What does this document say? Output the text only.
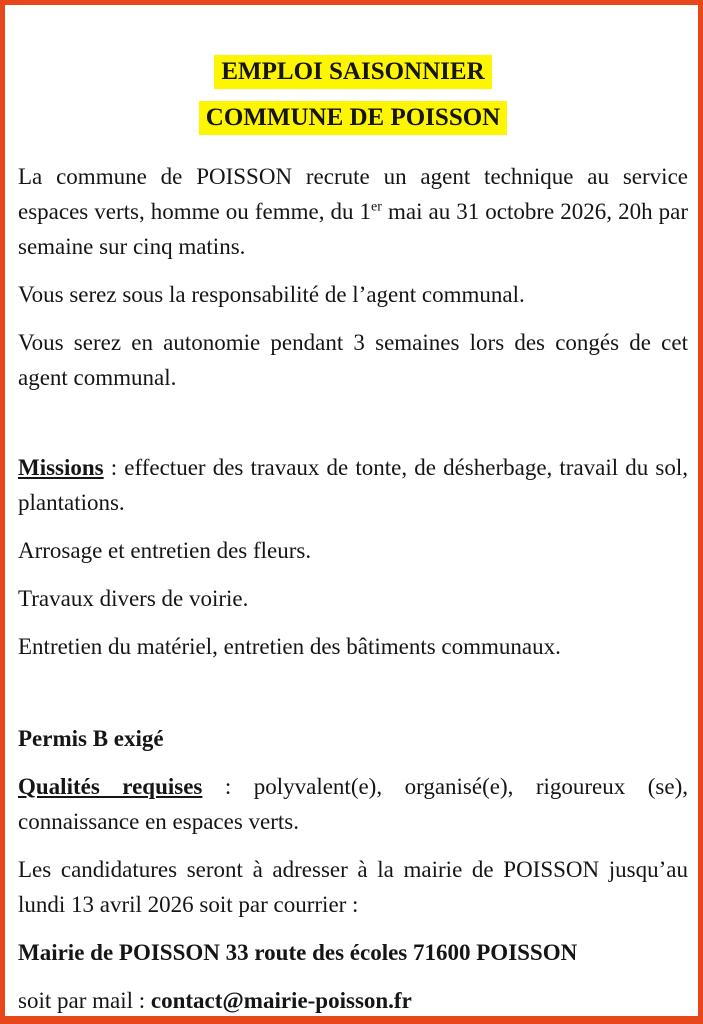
EMPLOI SAISONNIER
COMMUNE DE POISSON

La commune de POISSON recrute un agent technique au service espaces verts, homme ou femme, du 1er mai au 31 octobre 2026, 20h par semaine sur cinq matins.

Vous serez sous la responsabilité de l’agent communal.

Vous serez en autonomie pendant 3 semaines lors des congés de cet agent communal.

Missions : effectuer des travaux de tonte, de désherbage, travail du sol, plantations.

Arrosage et entretien des fleurs.

Travaux divers de voirie.

Entretien du matériel, entretien des bâtiments communaux.

Permis B exigé

Qualités requises : polyvalent(e), organisé(e), rigoureux (se), connaissance en espaces verts.

Les candidatures seront à adresser à la mairie de POISSON jusqu’au lundi 13 avril 2026 soit par courrier :

Mairie de POISSON 33 route des écoles 71600 POISSON

soit par mail : contact@mairie-poisson.fr
